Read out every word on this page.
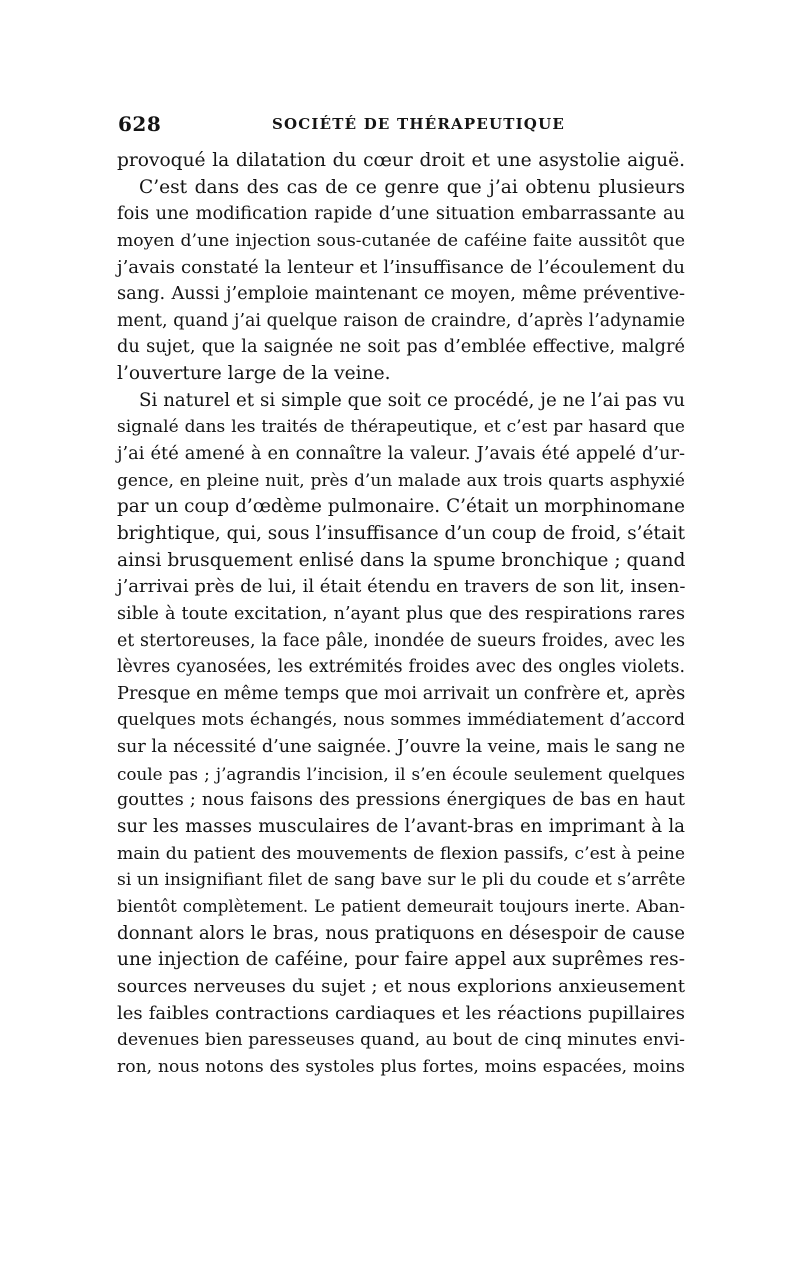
628	SOCIÉTÉ DE THÉRAPEUTIQUE
provoqué la dilatation du cœur droit et une asystolie aiguë.
C’est dans des cas de ce genre que j’ai obtenu plusieurs
fois une modification rapide d’une situation embarrassante au
moyen d’une injection sous-cutanée de caféine faite aussitôt que
j’avais constaté la lenteur et l’insuffisance de l’écoulement du
sang. Aussi j’emploie maintenant ce moyen, même préventive-
ment, quand j’ai quelque raison de craindre, d’après l’adynamie
du sujet, que la saignée ne soit pas d’emblée effective, malgré
l’ouverture large de la veine.
Si naturel et si simple que soit ce procédé, je ne l’ai pas vu
signalé dans les traités de thérapeutique, et c’est par hasard que
j’ai été amené à en connaître la valeur. J’avais été appelé d’ur-
gence, en pleine nuit, près d’un malade aux trois quarts asphyxié
par un coup d’œdème pulmonaire. C’était un morphinomane
brightique, qui, sous l’insuffisance d’un coup de froid, s’était
ainsi brusquement enlisé dans la spume bronchique ; quand
j’arrivai près de lui, il était étendu en travers de son lit, insen-
sible à toute excitation, n’ayant plus que des respirations rares
et stertoreuses, la face pâle, inondée de sueurs froides, avec les
lèvres cyanosées, les extrémités froides avec des ongles violets.
Presque en même temps que moi arrivait un confrère et, après
quelques mots échangés, nous sommes immédiatement d’accord
sur la nécessité d’une saignée. J’ouvre la veine, mais le sang ne
coule pas ; j’agrandis l’incision, il s’en écoule seulement quelques
gouttes ; nous faisons des pressions énergiques de bas en haut
sur les masses musculaires de l’avant-bras en imprimant à la
main du patient des mouvements de flexion passifs, c’est à peine
si un insignifiant filet de sang bave sur le pli du coude et s’arrête
bientôt complètement. Le patient demeurait toujours inerte. Aban-
donnant alors le bras, nous pratiquons en désespoir de cause
une injection de caféine, pour faire appel aux suprêmes res-
sources nerveuses du sujet ; et nous explorions anxieusement
les faibles contractions cardiaques et les réactions pupillaires
devenues bien paresseuses quand, au bout de cinq minutes envi-
ron, nous notons des systoles plus fortes, moins espacées, moins
